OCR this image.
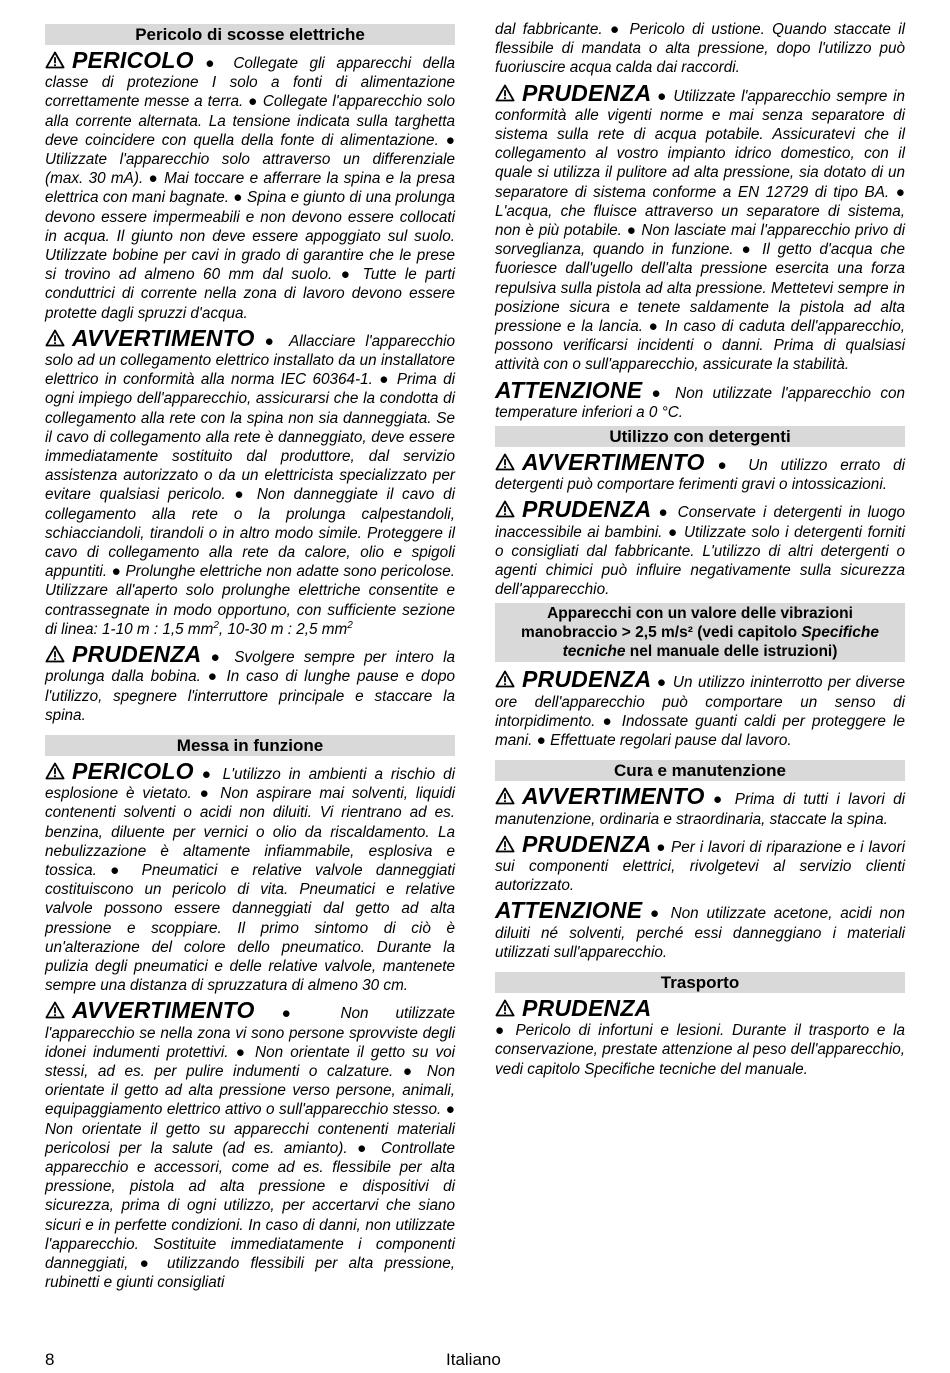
Pericolo di scosse elettriche
PERICOLO ● Collegate gli apparecchi della classe di protezione I solo a fonti di alimentazione correttamente messe a terra. ● Collegate l'apparecchio solo alla corrente alternata. La tensione indicata sulla targhetta deve coincidere con quella della fonte di alimentazione. ● Utilizzate l'apparecchio solo attraverso un differenziale (max. 30 mA). ● Mai toccare e afferrare la spina e la presa elettrica con mani bagnate. ● Spina e giunto di una prolunga devono essere impermeabili e non devono essere collocati in acqua. Il giunto non deve essere appoggiato sul suolo. Utilizzate bobine per cavi in grado di garantire che le prese si trovino ad almeno 60 mm dal suolo. ● Tutte le parti conduttrici di corrente nella zona di lavoro devono essere protette dagli spruzzi d'acqua.
AVVERTIMENTO ● Allacciare l'apparecchio solo ad un collegamento elettrico installato da un installatore elettrico in conformità alla norma IEC 60364-1. ● Prima di ogni impiego dell'apparecchio, assicurarsi che la condotta di collegamento alla rete con la spina non sia danneggiata. Se il cavo di collegamento alla rete è danneggiato, deve essere immediatamente sostituito dal produttore, dal servizio assistenza autorizzato o da un elettricista specializzato per evitare qualsiasi pericolo. ● Non danneggiate il cavo di collegamento alla rete o la prolunga calpestandoli, schiacciandoli, tirandoli o in altro modo simile. Proteggere il cavo di collegamento alla rete da calore, olio e spigoli appuntiti. ● Prolunghe elettriche non adatte sono pericolose. Utilizzare all'aperto solo prolunghe elettriche consentite e contrassegnate in modo opportuno, con sufficiente sezione di linea: 1-10 m : 1,5 $mm^2$, 10-30 m : 2,5 $mm^2$
PRUDENZA ● Svolgere sempre per intero la prolunga dalla bobina. ● In caso di lunghe pause e dopo l'utilizzo, spegnere l'interruttore principale e staccare la spina.
Messa in funzione
PERICOLO ● L'utilizzo in ambienti a rischio di esplosione è vietato. ● Non aspirare mai solventi, liquidi contenenti solventi o acidi non diluiti. Vi rientrano ad es. benzina, diluente per vernici o olio da riscaldamento. La nebulizzazione è altamente infiammabile, esplosiva e tossica. ● Pneumatici e relative valvole danneggiati costituiscono un pericolo di vita. Pneumatici e relative valvole possono essere danneggiati dal getto ad alta pressione e scoppiare. Il primo sintomo di ciò è un'alterazione del colore dello pneumatico. Durante la pulizia degli pneumatici e delle relative valvole, mantenete sempre una distanza di spruzzatura di almeno 30 cm.
AVVERTIMENTO ● Non utilizzate l'apparecchio se nella zona vi sono persone sprovviste degli idonei indumenti protettivi. ● Non orientate il getto su voi stessi, ad es. per pulire indumenti o calzature. ● Non orientate il getto ad alta pressione verso persone, animali, equipaggiamento elettrico attivo o sull'apparecchio stesso. ● Non orientate il getto su apparecchi contenenti materiali pericolosi per la salute (ad es. amianto). ● Controllate apparecchio e accessori, come ad es. flessibile per alta pressione, pistola ad alta pressione e dispositivi di sicurezza, prima di ogni utilizzo, per accertarvi che siano sicuri e in perfette condizioni. In caso di danni, non utilizzate l'apparecchio. Sostituite immediatamente i componenti danneggiati, ● utilizzando flessibili per alta pressione, rubinetti e giunti consigliati
dal fabbricante. ● Pericolo di ustione. Quando staccate il flessibile di mandata o alta pressione, dopo l'utilizzo può fuoriuscire acqua calda dai raccordi.
PRUDENZA ● Utilizzate l'apparecchio sempre in conformità alle vigenti norme e mai senza separatore di sistema sulla rete di acqua potabile. Assicuratevi che il collegamento al vostro impianto idrico domestico, con il quale si utilizza il pulitore ad alta pressione, sia dotato di un separatore di sistema conforme a EN 12729 di tipo BA. ● L'acqua, che fluisce attraverso un separatore di sistema, non è più potabile. ● Non lasciate mai l'apparecchio privo di sorveglianza, quando in funzione. ● Il getto d'acqua che fuoriesce dall'ugello dell'alta pressione esercita una forza repulsiva sulla pistola ad alta pressione. Mettetevi sempre in posizione sicura e tenete saldamente la pistola ad alta pressione e la lancia. ● In caso di caduta dell'apparecchio, possono verificarsi incidenti o danni. Prima di qualsiasi attività con o sull'apparecchio, assicurate la stabilità.
ATTENZIONE ● Non utilizzate l'apparecchio con temperature inferiori a 0 °C.
Utilizzo con detergenti
AVVERTIMENTO ● Un utilizzo errato di detergenti può comportare ferimenti gravi o intossicazioni.
PRUDENZA ● Conservate i detergenti in luogo inaccessibile ai bambini. ● Utilizzate solo i detergenti forniti o consigliati dal fabbricante. L'utilizzo di altri detergenti o agenti chimici può influire negativamente sulla sicurezza dell'apparecchio.
Apparecchi con un valore delle vibrazioni manobraccio > 2,5 m/s² (vedi capitolo Specifiche tecniche nel manuale delle istruzioni)
PRUDENZA ● Un utilizzo ininterrotto per diverse ore dell'apparecchio può comportare un senso di intorpidimento. ● Indossate guanti caldi per proteggere le mani. ● Effettuate regolari pause dal lavoro.
Cura e manutenzione
AVVERTIMENTO ● Prima di tutti i lavori di manutenzione, ordinaria e straordinaria, staccate la spina.
PRUDENZA ● Per i lavori di riparazione e i lavori sui componenti elettrici, rivolgetevi al servizio clienti autorizzato.
ATTENZIONE ● Non utilizzate acetone, acidi non diluiti né solventi, perché essi danneggiano i materiali utilizzati sull'apparecchio.
Trasporto
PRUDENZA
● Pericolo di infortuni e lesioni. Durante il trasporto e la conservazione, prestate attenzione al peso dell'apparecchio, vedi capitolo Specifiche tecniche del manuale.
8	Italiano
